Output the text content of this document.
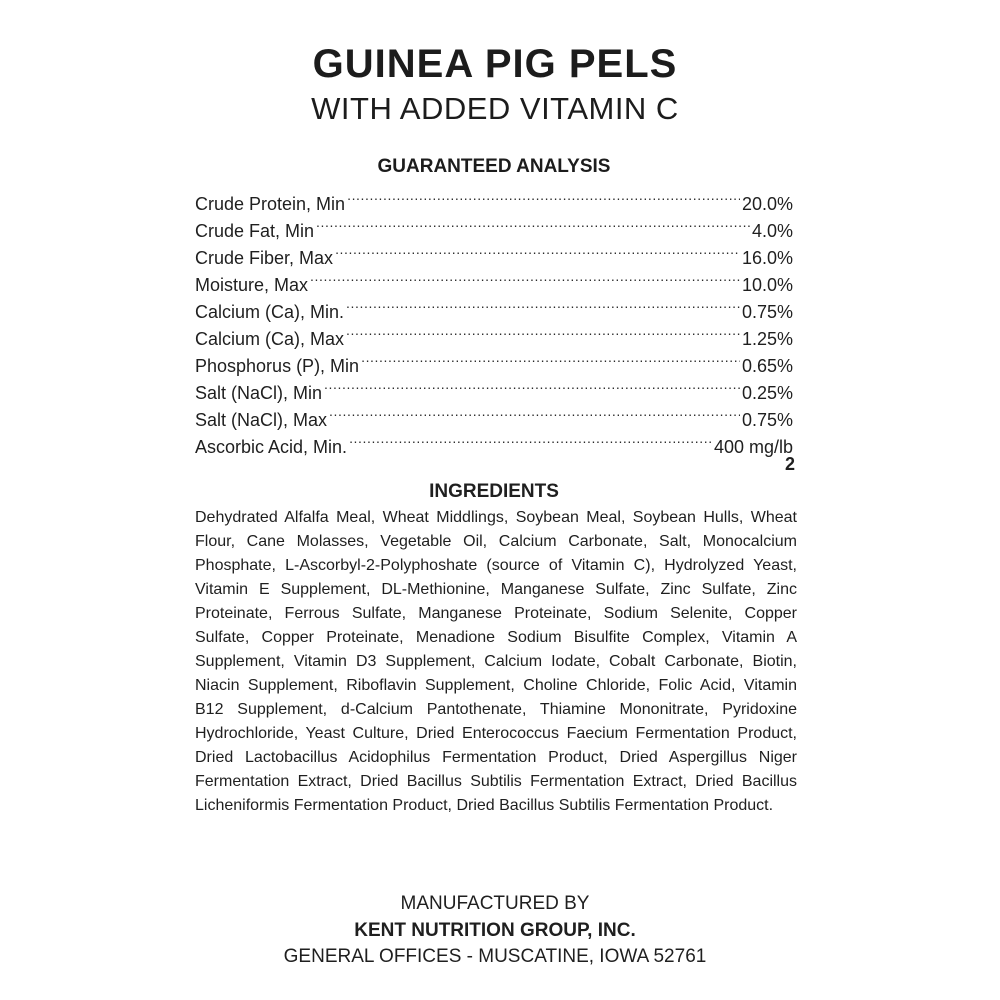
GUINEA PIG PELS
WITH ADDED VITAMIN C
GUARANTEED ANALYSIS
Crude Protein, Min .....	20.0%
Crude Fat, Min .....	4.0%
Crude Fiber, Max .....	16.0%
Moisture, Max .....	10.0%
Calcium (Ca), Min. .....	0.75%
Calcium (Ca), Max .....	1.25%
Phosphorus (P), Min .....	0.65%
Salt (NaCl), Min .....	0.25%
Salt (NaCl), Max .....	0.75%
Ascorbic Acid, Min. .....	400 mg/lb
2
INGREDIENTS

Dehydrated Alfalfa Meal, Wheat Middlings, Soybean Meal, Soybean Hulls, Wheat Flour, Cane Molasses, Vegetable Oil, Calcium Carbonate, Salt, Monocalcium Phosphate, L-Ascorbyl-2-Polyphoshate (source of Vitamin C), Hydrolyzed Yeast, Vitamin E Supplement, DL-Methionine, Manganese Sulfate, Zinc Sulfate, Zinc Proteinate, Ferrous Sulfate, Manganese Proteinate, Sodium Selenite, Copper Sulfate, Copper Proteinate, Menadione Sodium Bisulfite Complex, Vitamin A Supplement, Vitamin D3 Supplement, Calcium Iodate, Cobalt Carbonate, Biotin, Niacin Supplement, Riboflavin Supplement, Choline Chloride, Folic Acid, Vitamin B12 Supplement, d-Calcium Pantothenate, Thiamine Mononitrate, Pyridoxine Hydrochloride, Yeast Culture, Dried Enterococcus Faecium Fermentation Product, Dried Lactobacillus Acidophilus Fermentation Product, Dried Aspergillus Niger Fermentation Extract, Dried Bacillus Subtilis Fermentation Extract, Dried Bacillus Licheniformis Fermentation Product, Dried Bacillus Subtilis Fermentation Product.

MANUFACTURED BY
KENT NUTRITION GROUP, INC.
GENERAL OFFICES - MUSCATINE, IOWA 52761
